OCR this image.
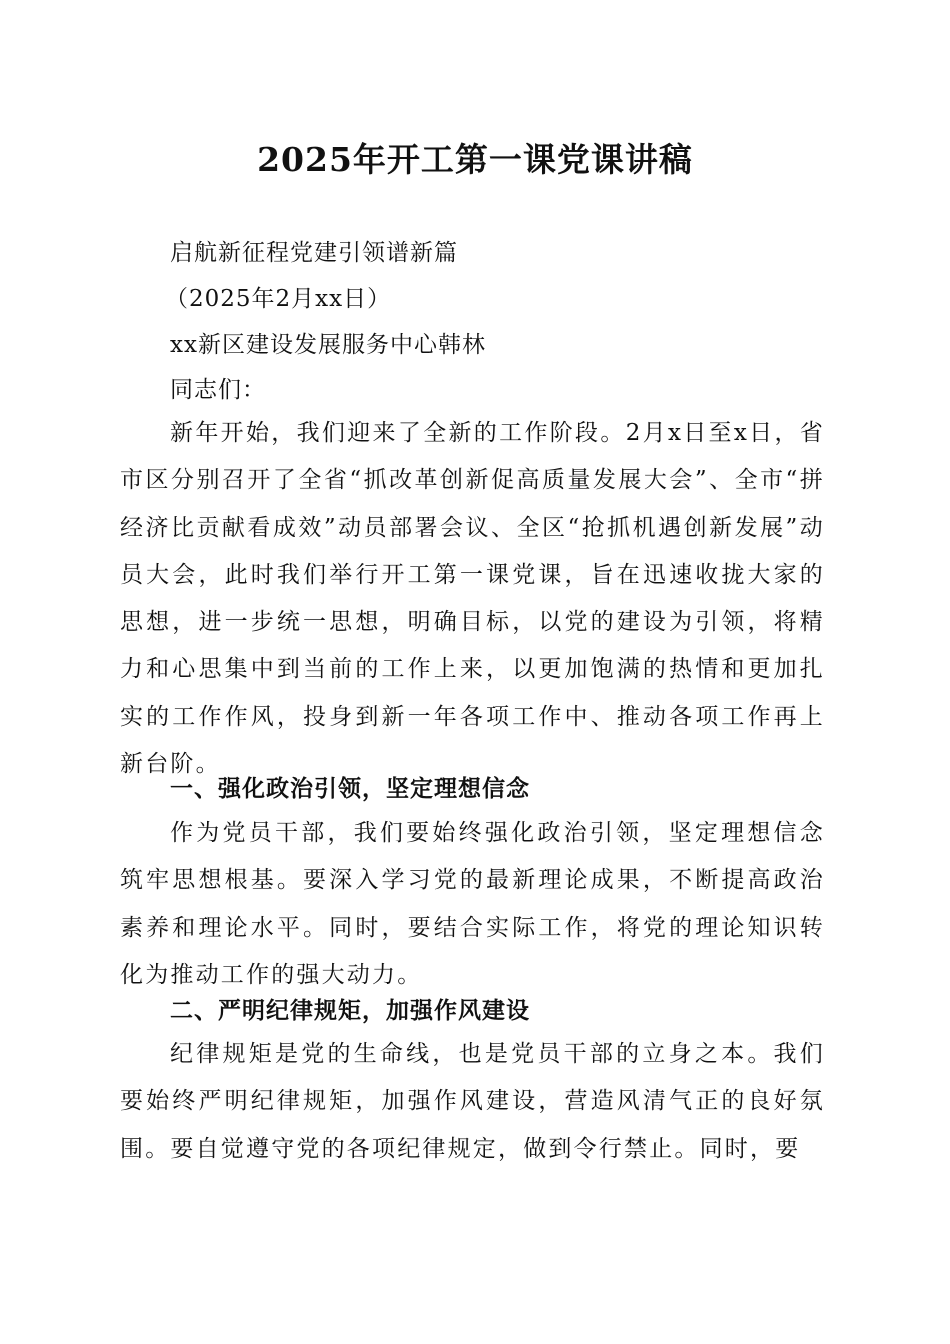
2025年开工第一课党课讲稿
启航新征程党建引领谱新篇
（2025年2月xx日）
xx新区建设发展服务中心韩林
同志们：

新年开始，我们迎来了全新的工作阶段。2月x日至x日，省市区分别召开了全省“抓改革创新促高质量发展大会”、全市“拼经济比贡献看成效”动员部署会议、全区“抢抓机遇创新发展”动员大会，此时我们举行开工第一课党课，旨在迅速收拢大家的思想，进一步统一思想，明确目标，以党的建设为引领，将精力和心思集中到当前的工作上来，以更加饱满的热情和更加扎实的工作作风，投身到新一年各项工作中、推动各项工作再上新台阶。

一、强化政治引领，坚定理想信念

作为党员干部，我们要始终强化政治引领，坚定理想信念筑牢思想根基。要深入学习党的最新理论成果，不断提高政治素养和理论水平。同时，要结合实际工作，将党的理论知识转化为推动工作的强大动力。

二、严明纪律规矩，加强作风建设

纪律规矩是党的生命线，也是党员干部的立身之本。我们要始终严明纪律规矩，加强作风建设，营造风清气正的良好氛围。要自觉遵守党的各项纪律规定，做到令行禁止。同时，要
